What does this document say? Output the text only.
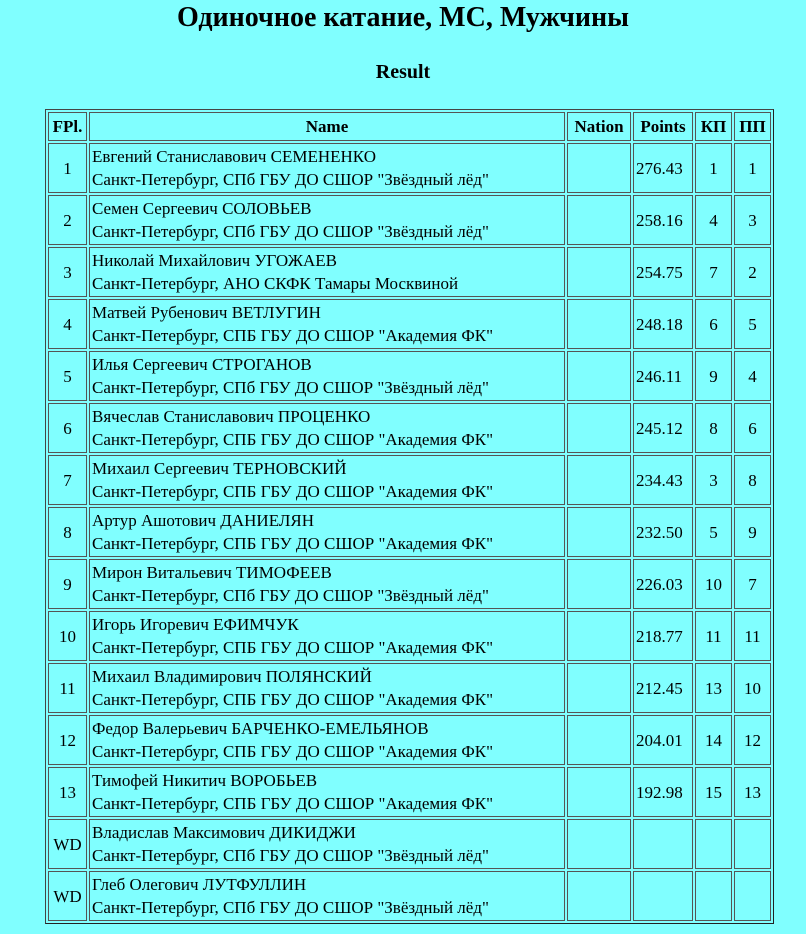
Одиночное катание, МС, Мужчины
Result
FPl.	Name	Nation	Points	КП	ПП
1	Евгений Станиславович СЕМЕНЕНКО
Санкт-Петербург, СПб ГБУ ДО СШОР "Звёздный лёд"		276.43	1	1
2	Семен Сергеевич СОЛОВЬЕВ
Санкт-Петербург, СПб ГБУ ДО СШОР "Звёздный лёд"		258.16	4	3
3	Николай Михайлович УГОЖАЕВ
Санкт-Петербург, АНО СКФК Тамары Москвиной		254.75	7	2
4	Матвей Рубенович ВЕТЛУГИН
Санкт-Петербург, СПБ ГБУ ДО СШОР "Академия ФК"		248.18	6	5
5	Илья Сергеевич СТРОГАНОВ
Санкт-Петербург, СПб ГБУ ДО СШОР "Звёздный лёд"		246.11	9	4
6	Вячеслав Станиславович ПРОЦЕНКО
Санкт-Петербург, СПБ ГБУ ДО СШОР "Академия ФК"		245.12	8	6
7	Михаил Сергеевич ТЕРНОВСКИЙ
Санкт-Петербург, СПБ ГБУ ДО СШОР "Академия ФК"		234.43	3	8
8	Артур Ашотович ДАНИЕЛЯН
Санкт-Петербург, СПБ ГБУ ДО СШОР "Академия ФК"		232.50	5	9
9	Мирон Витальевич ТИМОФЕЕВ
Санкт-Петербург, СПб ГБУ ДО СШОР "Звёздный лёд"		226.03	10	7
10	Игорь Игоревич ЕФИМЧУК
Санкт-Петербург, СПБ ГБУ ДО СШОР "Академия ФК"		218.77	11	11
11	Михаил Владимирович ПОЛЯНСКИЙ
Санкт-Петербург, СПБ ГБУ ДО СШОР "Академия ФК"		212.45	13	10
12	Федор Валерьевич БАРЧЕНКО-ЕМЕЛЬЯНОВ
Санкт-Петербург, СПБ ГБУ ДО СШОР "Академия ФК"		204.01	14	12
13	Тимофей Никитич ВОРОБЬЕВ
Санкт-Петербург, СПБ ГБУ ДО СШОР "Академия ФК"		192.98	15	13
WD	Владислав Максимович ДИКИДЖИ
Санкт-Петербург, СПб ГБУ ДО СШОР "Звёздный лёд"				

WD	Глеб Олегович ЛУТФУЛЛИН
Санкт-Петербург, СПб ГБУ ДО СШОР "Звёздный лёд"				
